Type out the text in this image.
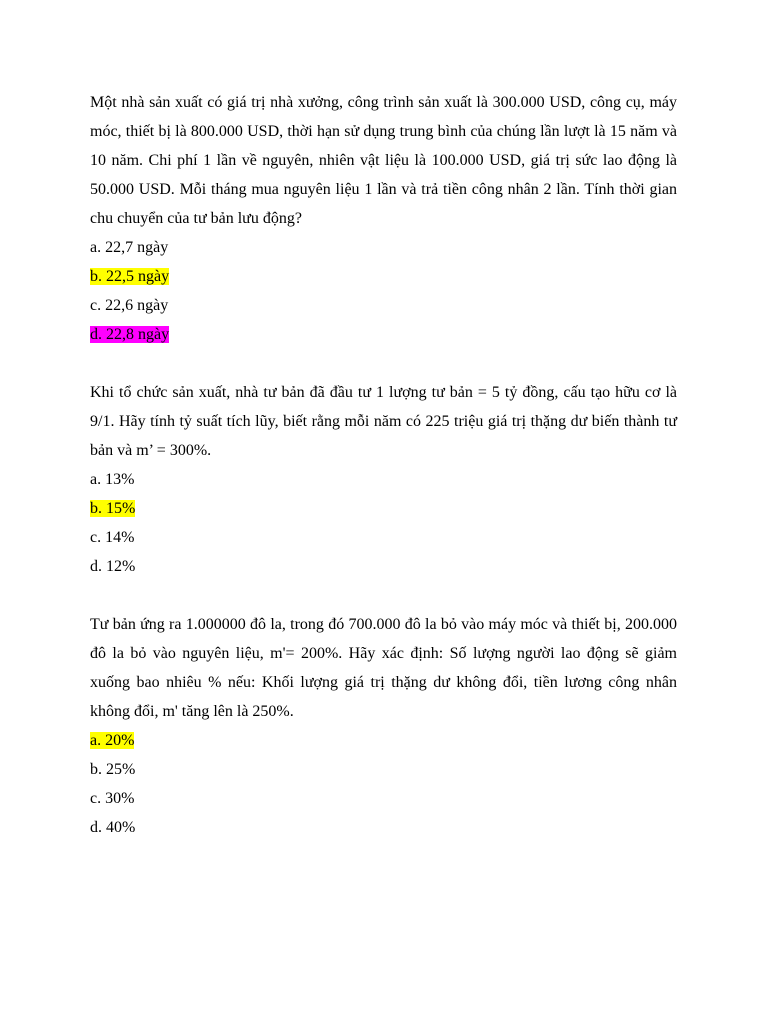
Một nhà sản xuất có giá trị nhà xưởng, công trình sản xuất là 300.000 USD, công cụ, máy móc, thiết bị là 800.000 USD, thời hạn sử dụng trung bình của chúng lần lượt là 15 năm và 10 năm. Chi phí 1 lần về nguyên, nhiên vật liệu là 100.000 USD, giá trị sức lao động là 50.000 USD. Mỗi tháng mua nguyên liệu 1 lần và trả tiền công nhân 2 lần. Tính thời gian chu chuyển của tư bản lưu động?

a. 22,7 ngày
b. 22,5 ngày
c. 22,6 ngày
d. 22,8 ngày

Khi tổ chức sản xuất, nhà tư bản đã đầu tư 1 lượng tư bản = 5 tỷ đồng, cấu tạo hữu cơ là 9/1. Hãy tính tỷ suất tích lũy, biết rằng mỗi năm có 225 triệu giá trị thặng dư biến thành tư bản và m’ = 300%.

a. 13%
b. 15%
c. 14%
d. 12%

Tư bản ứng ra 1.000000 đô la, trong đó 700.000 đô la bỏ vào máy móc và thiết bị, 200.000 đô la bỏ vào nguyên liệu, m'= 200%. Hãy xác định: Số lượng người lao động sẽ giảm xuống bao nhiêu % nếu: Khối lượng giá trị thặng dư không đổi, tiền lương công nhân không đổi, m' tăng lên là 250%.

a. 20%
b. 25%
c. 30%
d. 40%
